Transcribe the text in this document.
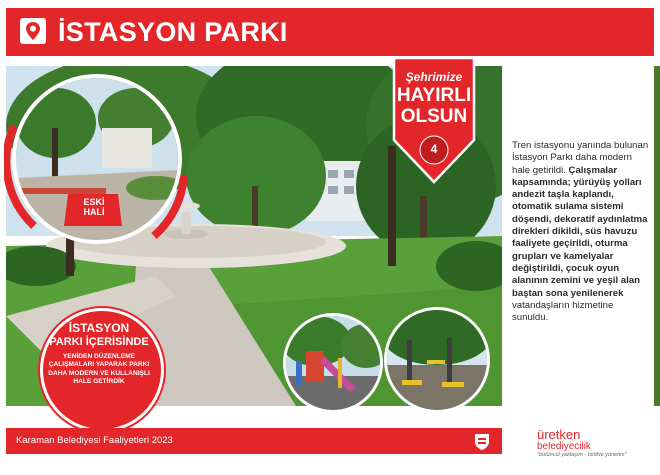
İSTASYON PARKI
ESKİ
HALİ
Şehrimize
HAYIRLI
OLSUN
4	Tren istasyonu yanında bulunan İstasyon Parkı daha modern hale getirildi. Çalışmalar kapsamında; yürüyüş yolları andezit taşla kaplandı, otomatik sulama sistemi döşendi, dekoratif aydınlatma direkleri dikildi, süs havuzu faaliyete geçirildi, oturma grupları ve kamelyalar değiştirildi, çocuk oyun alanının zemini ve yeşil alan baştan sona yenilenerek vatandaşların hizmetine sunuldu.
İSTASYON
PARKI İÇERİSİNDE
YENİDEN DÜZENLEME ÇALIŞMALARI YAPARAK PARKI DAHA MODERN VE KULLANIŞLI HALE GETİRDİK
Karaman Belediyesi Faaliyetleri 2023	üretken
belediyecilik
"bütüncül yaklaşım - birlikte yönetim"
